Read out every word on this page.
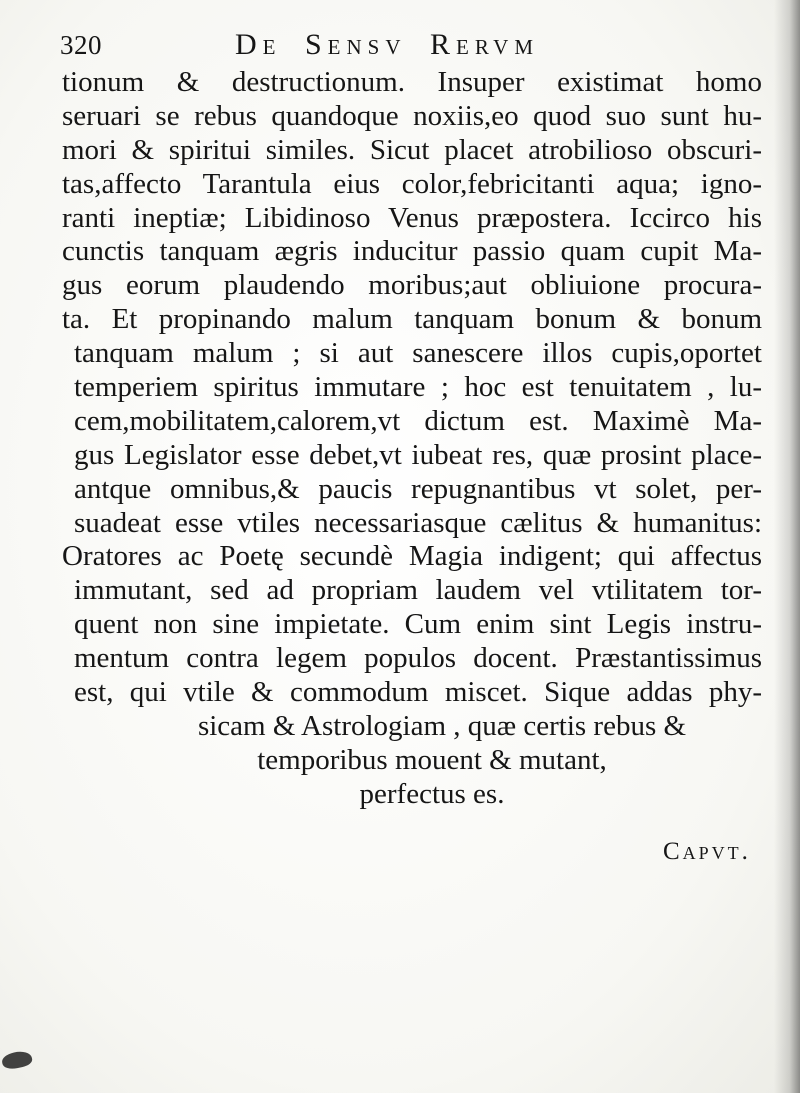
320	De Sensv Rervm
tionum & destructionum. Insuper existimat homo
seruari se rebus quandoque noxiis,eo quod suo sunt hu-
mori & spiritui similes. Sicut placet atrobilioso obscuri-
tas,affecto Tarantula eius color,febricitanti aqua; igno-
ranti ineptiæ; Libidinoso Venus præpostera. Iccirco his
cunctis tanquam ægris inducitur passio quam cupit Ma-
gus eorum plaudendo moribus;aut obliuione procura-
ta. Et propinando malum tanquam bonum & bonum
tanquam malum ; si aut sanescere illos cupis,oportet
temperiem spiritus immutare ; hoc est tenuitatem , lu-
cem,mobilitatem,calorem,vt dictum est. Maximè Ma-
gus Legislator esse debet,vt iubeat res, quæ prosint place-
antque omnibus,& paucis repugnantibus vt solet, per-
suadeat esse vtiles necessariasque cælitus & humanitus:
Oratores ac Poetę secundè Magia indigent; qui affectus
immutant, sed ad propriam laudem vel vtilitatem tor-
quent non sine impietate. Cum enim sint Legis instru-
mentum contra legem populos docent. Præstantissimus
est, qui vtile & commodum miscet. Sique addas phy-
sicam & Astrologiam , quæ certis rebus &
temporibus mouent & mutant,
perfectus es.
Capvt.
